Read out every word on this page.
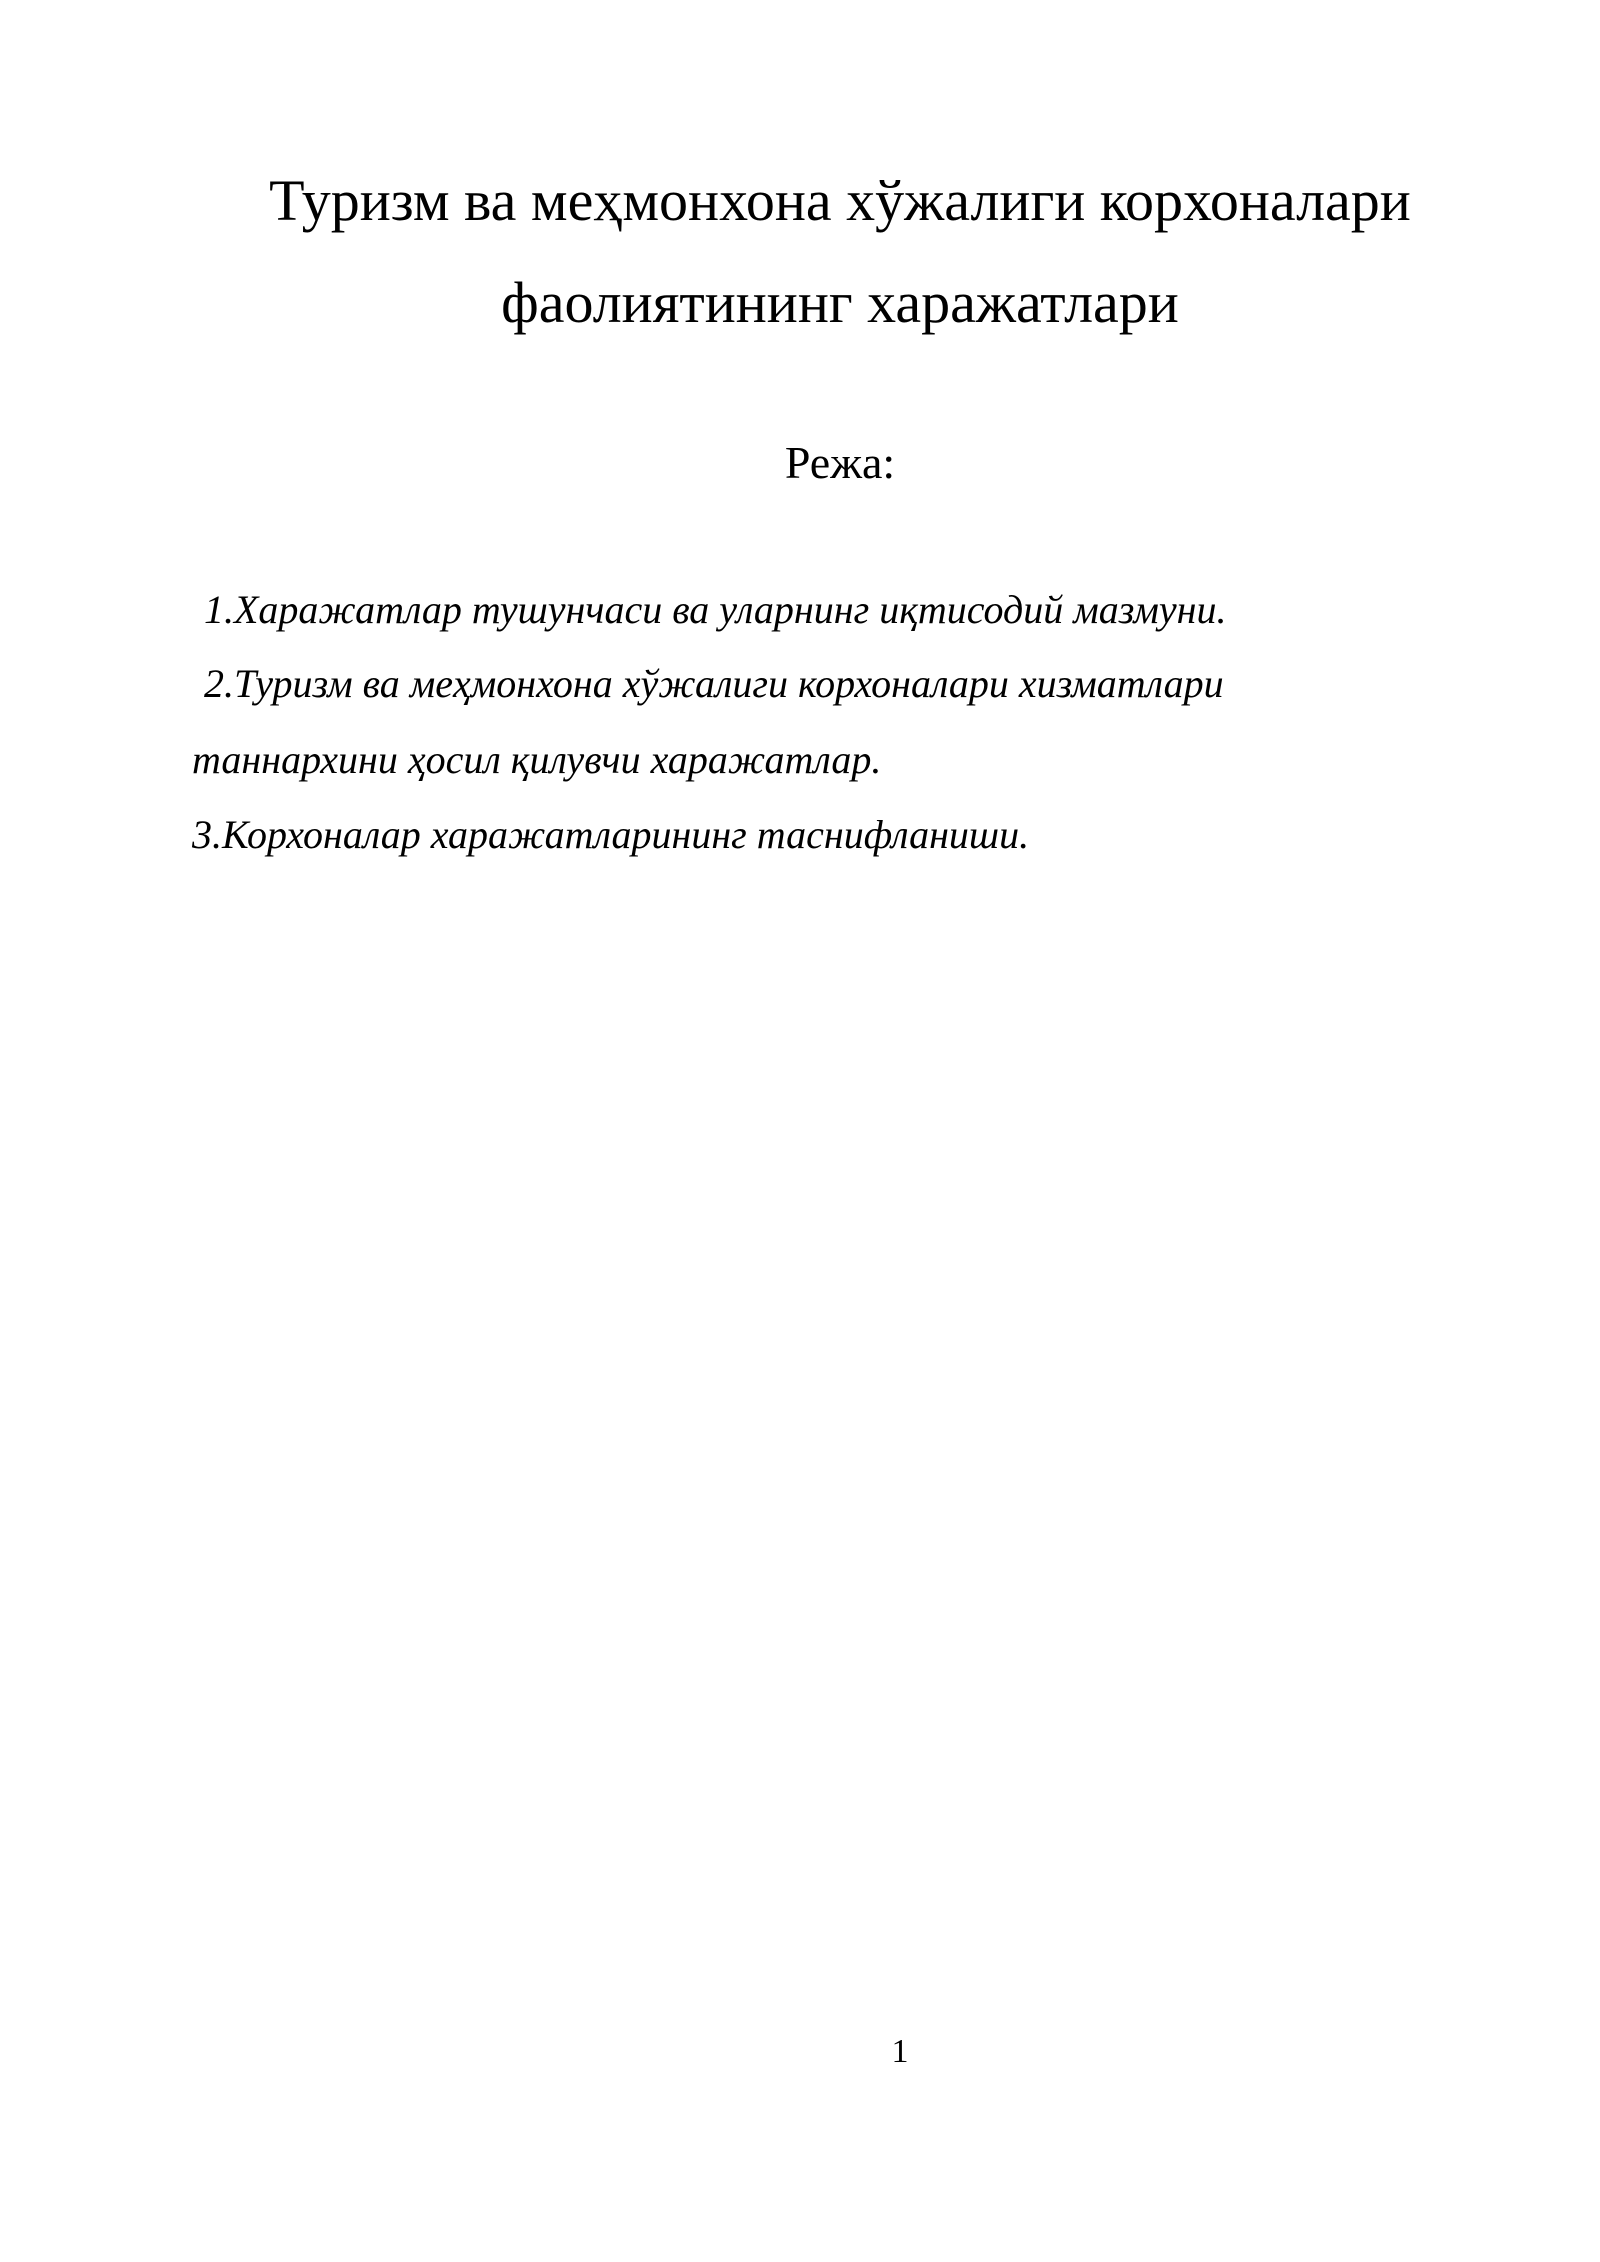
Туризм ва меҳмонхона хўжалиги корхоналари
фаолиятининг харажатлари
Режа:

1.Харажатлар тушунчаси ва уларнинг иқтисодий мазмуни.

2.Туризм ва меҳмонхона хўжалиги корхоналари хизматлари

таннархини ҳосил қилувчи харажатлар.

3.Корхоналар харажатларининг таснифланиши.

1
